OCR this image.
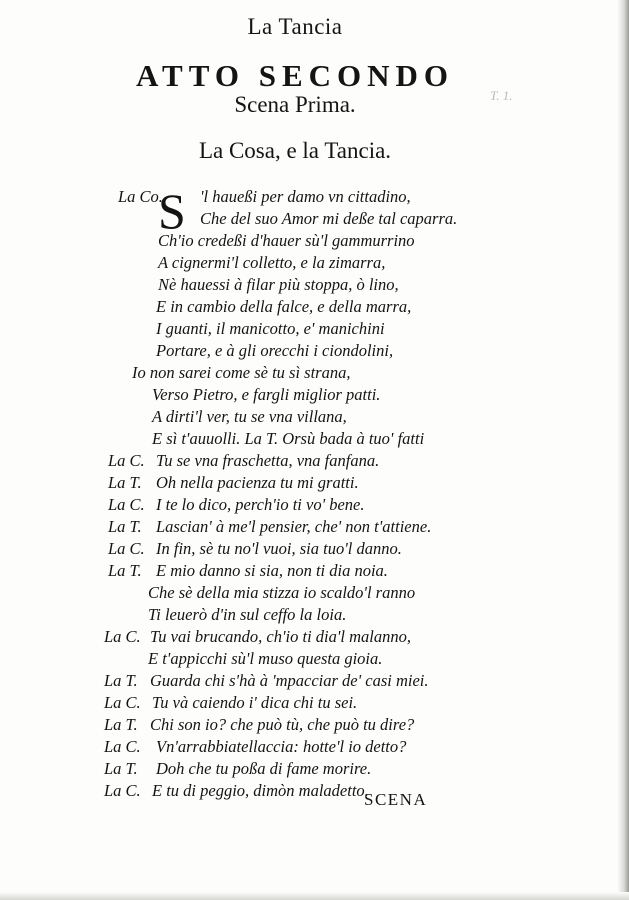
La Tancia
ATTO SECONDO
Scena Prima.	T. 1.
La Cosa, e la Tancia.
S
La Co. 'l haueßi per damo vn cittadino,
Che del suo Amor mi deße tal caparra.
Ch'io credeßi d'hauer sù'l gammurrino
A cignermi'l colletto, e la zimarra,
Nè hauessi à filar più stoppa, ò lino,
E in cambio della falce, e della marra,
I guanti, il manicotto, e' manichini
Portare, e à gli orecchi i ciondolini,
Io non sarei come sè tu sì strana,
Verso Pietro, e fargli miglior patti.
A dirti'l ver, tu se vna villana,
E sì t'auuolli. La T. Orsù bada à tuo' fatti
La C. Tu se vna fraschetta, vna fanfana.
La T. Oh nella pacienza tu mi gratti.
La C. I te lo dico, perch'io ti vo' bene.
La T. Lascian' à me'l pensier, che' non t'attiene.
La C. In fin, sè tu no'l vuoi, sia tuo'l danno.
La T. E mio danno si sia, non ti dia noia.
Che sè della mia stizza io scaldo'l ranno
Ti leuerò d'in sul ceffo la loia.
La C. Tu vai brucando, ch'io ti dia'l malanno,
E t'appicchi sù'l muso questa gioia.
La T. Guarda chi s'hà à 'mpacciar de' casi miei.
La C. Tu và caiendo i' dica chi tu sei.
La T. Chi son io? che può tù, che può tu dire?
La C. Vn'arrabbiatellaccia: hotte'l io detto?
La T. Doh che tu poßa di fame morire.
La C. E tu di peggio, dimòn maladetto.
SCENA
